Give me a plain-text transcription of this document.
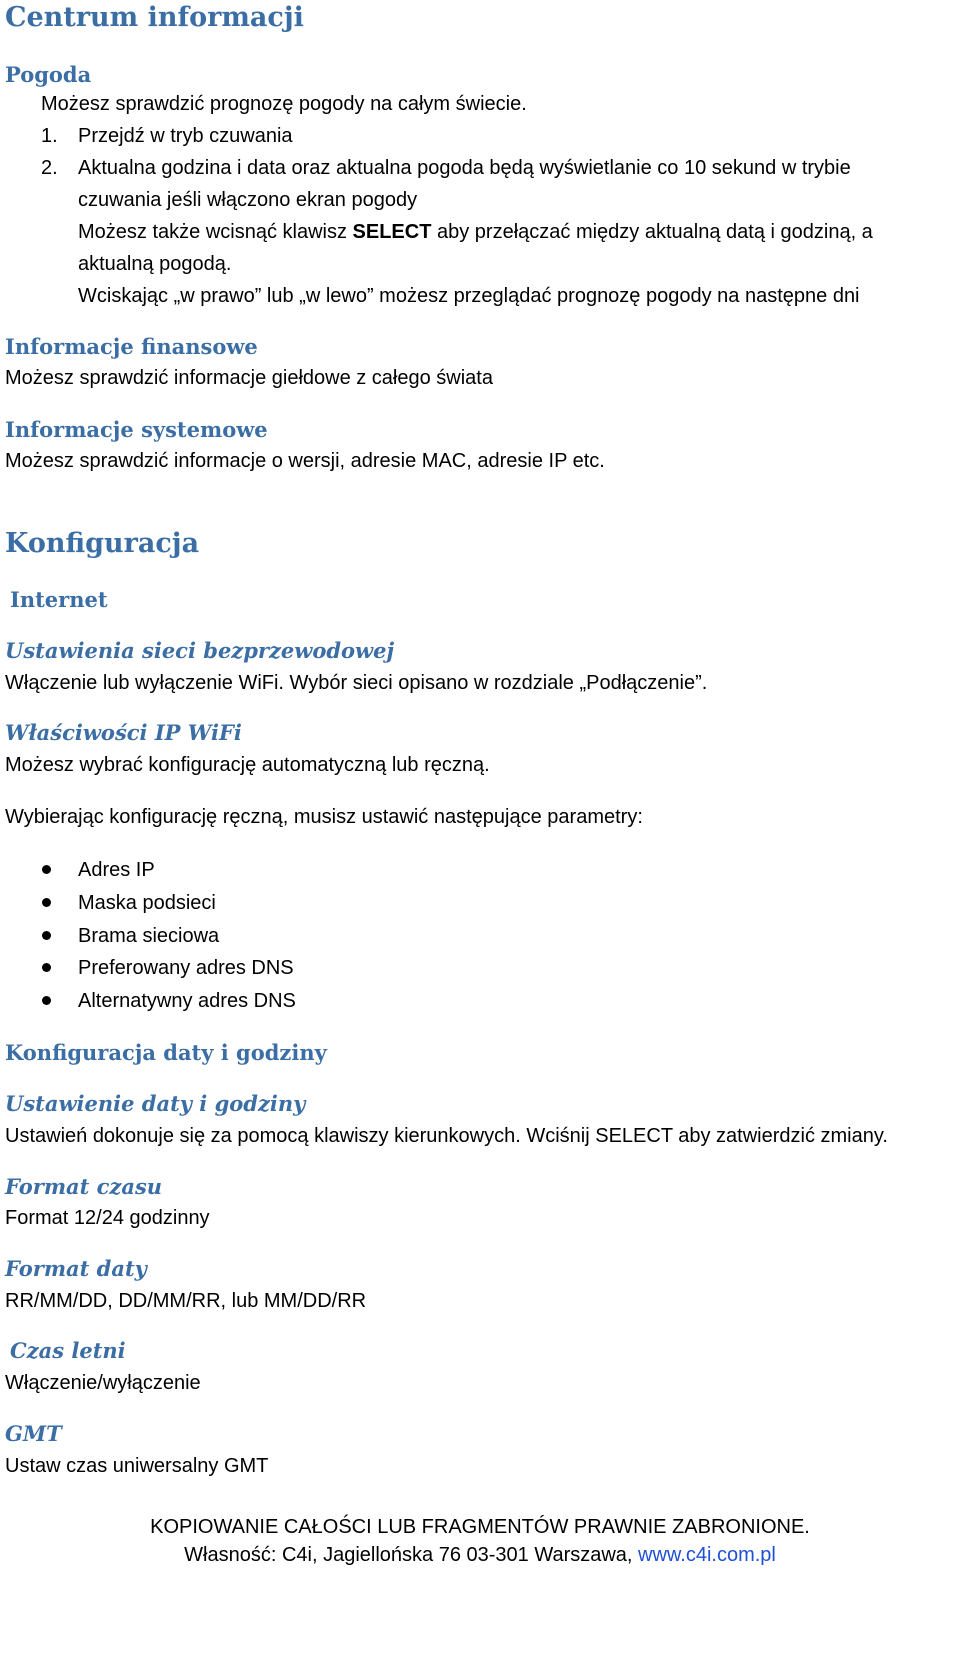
Centrum informacji
Pogoda
Możesz sprawdzić prognozę pogody na całym świecie.
1. Przejdź w tryb czuwania
2. Aktualna godzina i data oraz aktualna pogoda będą wyświetlanie co 10 sekund w trybie
czuwania jeśli włączono ekran pogody
Możesz także wcisnąć klawisz SELECT aby przełączać między aktualną datą i godziną, a
aktualną pogodą.
Wciskając „w prawo” lub „w lewo” możesz przeglądać prognozę pogody na następne dni
Informacje finansowe
Możesz sprawdzić informacje giełdowe z całego świata
Informacje systemowe
Możesz sprawdzić informacje o wersji, adresie MAC, adresie IP etc.
Konfiguracja
Internet
Ustawienia sieci bezprzewodowej
Włączenie lub wyłączenie WiFi. Wybór sieci opisano w rozdziale „Podłączenie”.
Właściwości IP WiFi
Możesz wybrać konfigurację automatyczną lub ręczną.
Wybierając konfigurację ręczną, musisz ustawić następujące parametry:
Adres IP
Maska podsieci
Brama sieciowa
Preferowany adres DNS
Alternatywny adres DNS
Konfiguracja daty i godziny
Ustawienie daty i godziny
Ustawień dokonuje się za pomocą klawiszy kierunkowych. Wciśnij SELECT aby zatwierdzić zmiany.
Format czasu
Format 12/24 godzinny
Format daty
RR/MM/DD, DD/MM/RR, lub MM/DD/RR
Czas letni
Włączenie/wyłączenie
GMT
Ustaw czas uniwersalny GMT
KOPIOWANIE CAŁOŚCI LUB FRAGMENTÓW PRAWNIE ZABRONIONE.
Własność: C4i, Jagiellońska 76 03-301 Warszawa, www.c4i.com.pl
